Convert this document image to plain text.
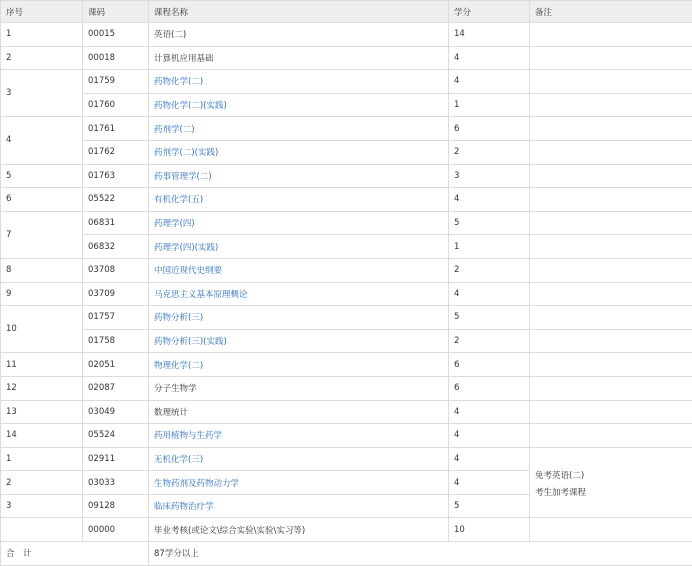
序号	课码	课程名称	学分	备注
1	00015	英语(二)	14	
2	00018	计算机应用基础	4	
3	01759	药物化学(二)	4	
	01760	药物化学(二)(实践)	1	
4	01761	药剂学(二)	6	
	01762	药剂学(二)(实践)	2	
5	01763	药事管理学(二)	3	
6	05522	有机化学(五)	4	
7	06831	药理学(四)	5	
	06832	药理学(四)(实践)	1	
8	03708	中国近现代史纲要	2	
9	03709	马克思主义基本原理概论	4	
10	01757	药物分析(三)	5	
	01758	药物分析(三)(实践)	2	
11	02051	物理化学(二)	6	
12	02087	分子生物学	6	
13	03049	数理统计	4	
14	05524	药用植物与生药学	4	
1	02911	无机化学(三)	4	免考英语(二)
考生加考课程

2	03033	生物药剂及药物动力学	4	
3	09128	临床药物治疗学	5	
	00000	毕业考核(或论文\综合实验\实验\实习等)	10	
合　计		87学分以上		
